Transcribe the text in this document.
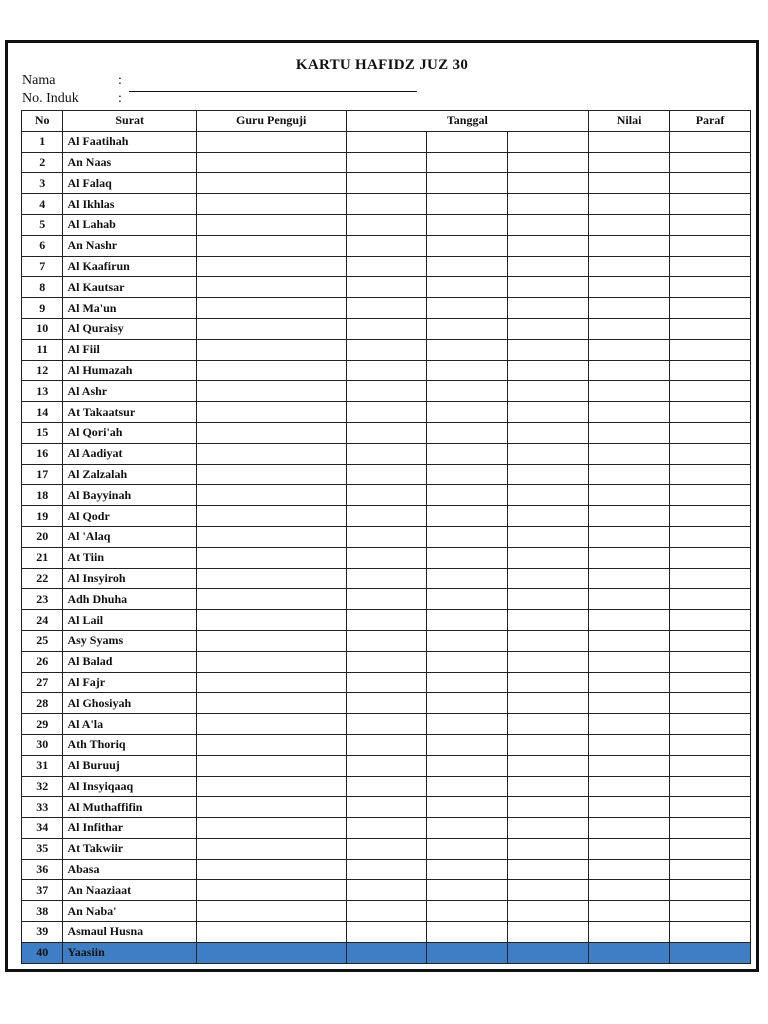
KARTU HAFIDZ JUZ 30
Nama	:
No. Induk	:
No	Surat	Guru Penguji	Tanggal			Nilai	Paraf
1	Al Faatihah						
2	An Naas						
3	Al Falaq						
4	Al Ikhlas						
5	Al Lahab						
6	An Nashr						
7	Al Kaafirun						
8	Al Kautsar						
9	Al Ma'un						
10	Al Quraisy						
11	Al Fiil						
12	Al Humazah						
13	Al Ashr						
14	At Takaatsur						
15	Al Qori'ah						
16	Al Aadiyat						
17	Al Zalzalah						
18	Al Bayyinah						
19	Al Qodr						
20	Al 'Alaq						
21	At Tiin						
22	Al Insyiroh						
23	Adh Dhuha						
24	Al Lail						
25	Asy Syams						
26	Al Balad						
27	Al Fajr						
28	Al Ghosiyah						
29	Al A'la						
30	Ath Thoriq						
31	Al Buruuj						
32	Al Insyiqaaq						
33	Al Muthaffifin						
34	Al Infithar						
35	At Takwiir						
36	Abasa						
37	An Naaziaat						
38	An Naba'						
39	Asmaul Husna						
40	Yaasiin						
